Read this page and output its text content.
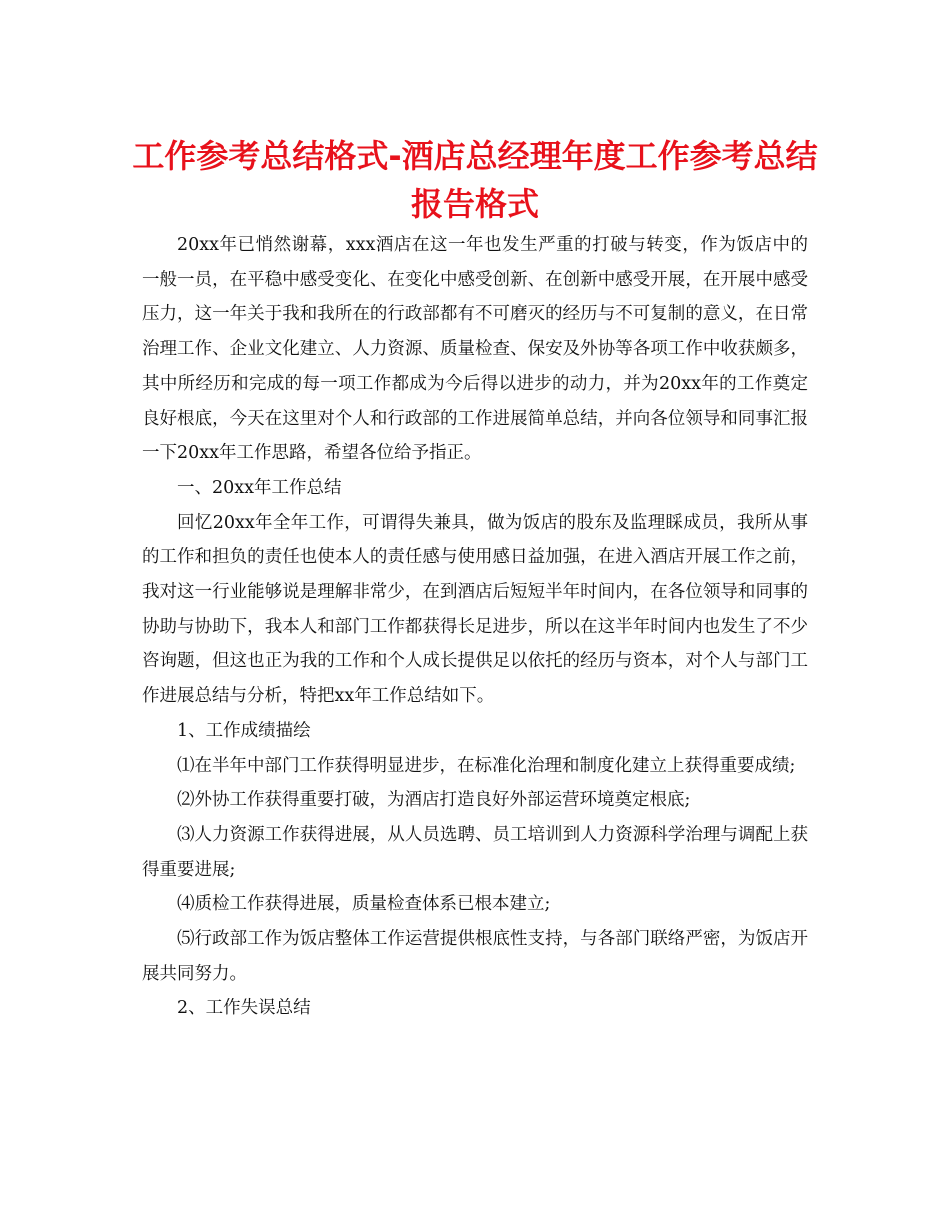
工作参考总结格式-酒店总经理年度工作参考总结报告格式

20xx年已悄然谢幕，xxx酒店在这一年也发生严重的打破与转变，作为饭店中的一般一员，在平稳中感受变化、在变化中感受创新、在创新中感受开展，在开展中感受压力，这一年关于我和我所在的行政部都有不可磨灭的经历与不可复制的意义，在日常治理工作、企业文化建立、人力资源、质量检查、保安及外协等各项工作中收获颇多，其中所经历和完成的每一项工作都成为今后得以进步的动力，并为20xx年的工作奠定良好根底，今天在这里对个人和行政部的工作进展简单总结，并向各位领导和同事汇报一下20xx年工作思路，希望各位给予指正。

一、20xx年工作总结

回忆20xx年全年工作，可谓得失兼具，做为饭店的股东及监理睬成员，我所从事的工作和担负的责任也使本人的责任感与使用感日益加强，在进入酒店开展工作之前，我对这一行业能够说是理解非常少，在到酒店后短短半年时间内，在各位领导和同事的协助与协助下，我本人和部门工作都获得长足进步，所以在这半年时间内也发生了不少咨询题，但这也正为我的工作和个人成长提供足以依托的经历与资本，对个人与部门工作进展总结与分析，特把xx年工作总结如下。

1、工作成绩描绘

⑴在半年中部门工作获得明显进步，在标准化治理和制度化建立上获得重要成绩;

⑵外协工作获得重要打破，为酒店打造良好外部运营环境奠定根底;

⑶人力资源工作获得进展，从人员选聘、员工培训到人力资源科学治理与调配上获得重要进展;

⑷质检工作获得进展，质量检查体系已根本建立;

⑸行政部工作为饭店整体工作运营提供根底性支持，与各部门联络严密，为饭店开展共同努力。

2、工作失误总结
